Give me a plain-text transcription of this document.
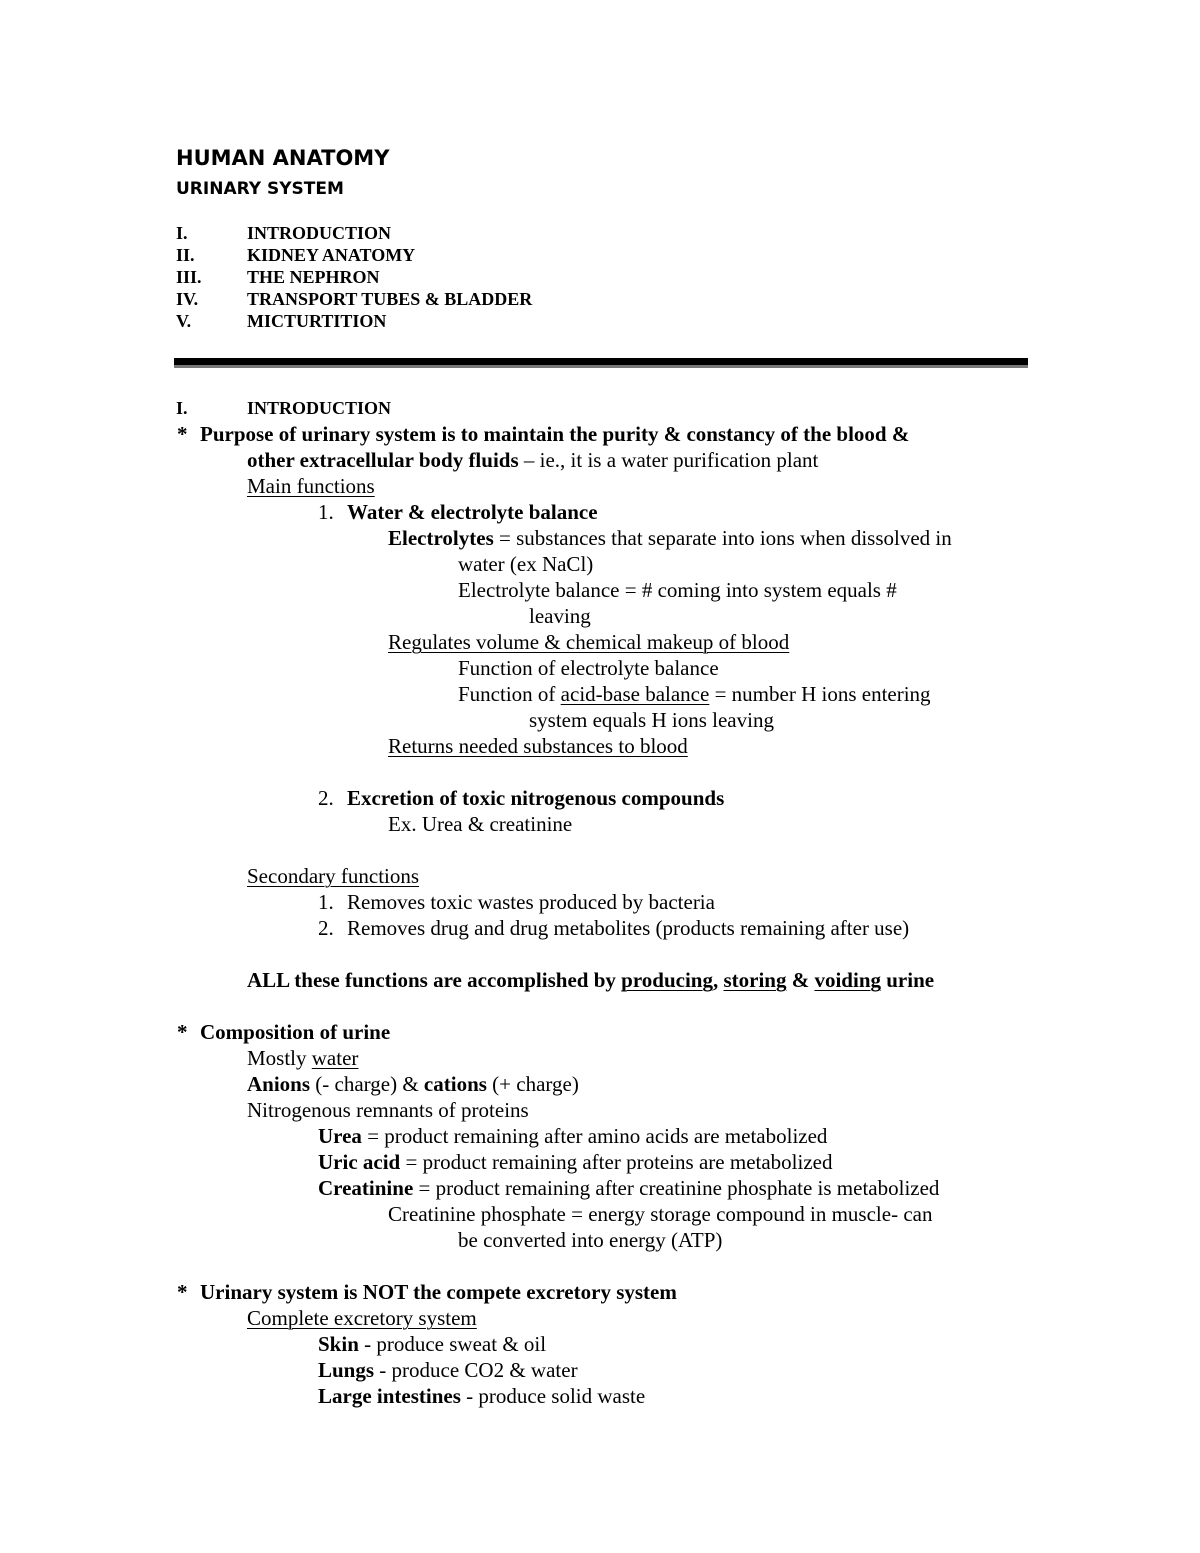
HUMAN ANATOMY
URINARY SYSTEM
I.	INTRODUCTION
II.	KIDNEY ANATOMY
III.	THE NEPHRON
IV.	TRANSPORT TUBES & BLADDER
V.	MICTURTITION
I.	INTRODUCTION
* Purpose of urinary system is to maintain the purity & constancy of the blood &
other extracellular body fluids – ie., it is a water purification plant
Main functions
1. Water & electrolyte balance
Electrolytes = substances that separate into ions when dissolved in
water (ex NaCl)
Electrolyte balance = # coming into system equals #
leaving
Regulates volume & chemical makeup of blood
Function of electrolyte balance
Function of acid-base balance = number H ions entering
system equals H ions leaving
Returns needed substances to blood
2. Excretion of toxic nitrogenous compounds
Ex. Urea & creatinine
Secondary functions
1. Removes toxic wastes produced by bacteria
2. Removes drug and drug metabolites (products remaining after use)
ALL these functions are accomplished by producing, storing & voiding urine
* Composition of urine
Mostly water
Anions (- charge) & cations (+ charge)
Nitrogenous remnants of proteins
Urea = product remaining after amino acids are metabolized
Uric acid = product remaining after proteins are metabolized
Creatinine = product remaining after creatinine phosphate is metabolized
Creatinine phosphate = energy storage compound in muscle- can
be converted into energy (ATP)
* Urinary system is NOT the compete excretory system
Complete excretory system
Skin - produce sweat & oil
Lungs - produce CO2 & water
Large intestines - produce solid waste
